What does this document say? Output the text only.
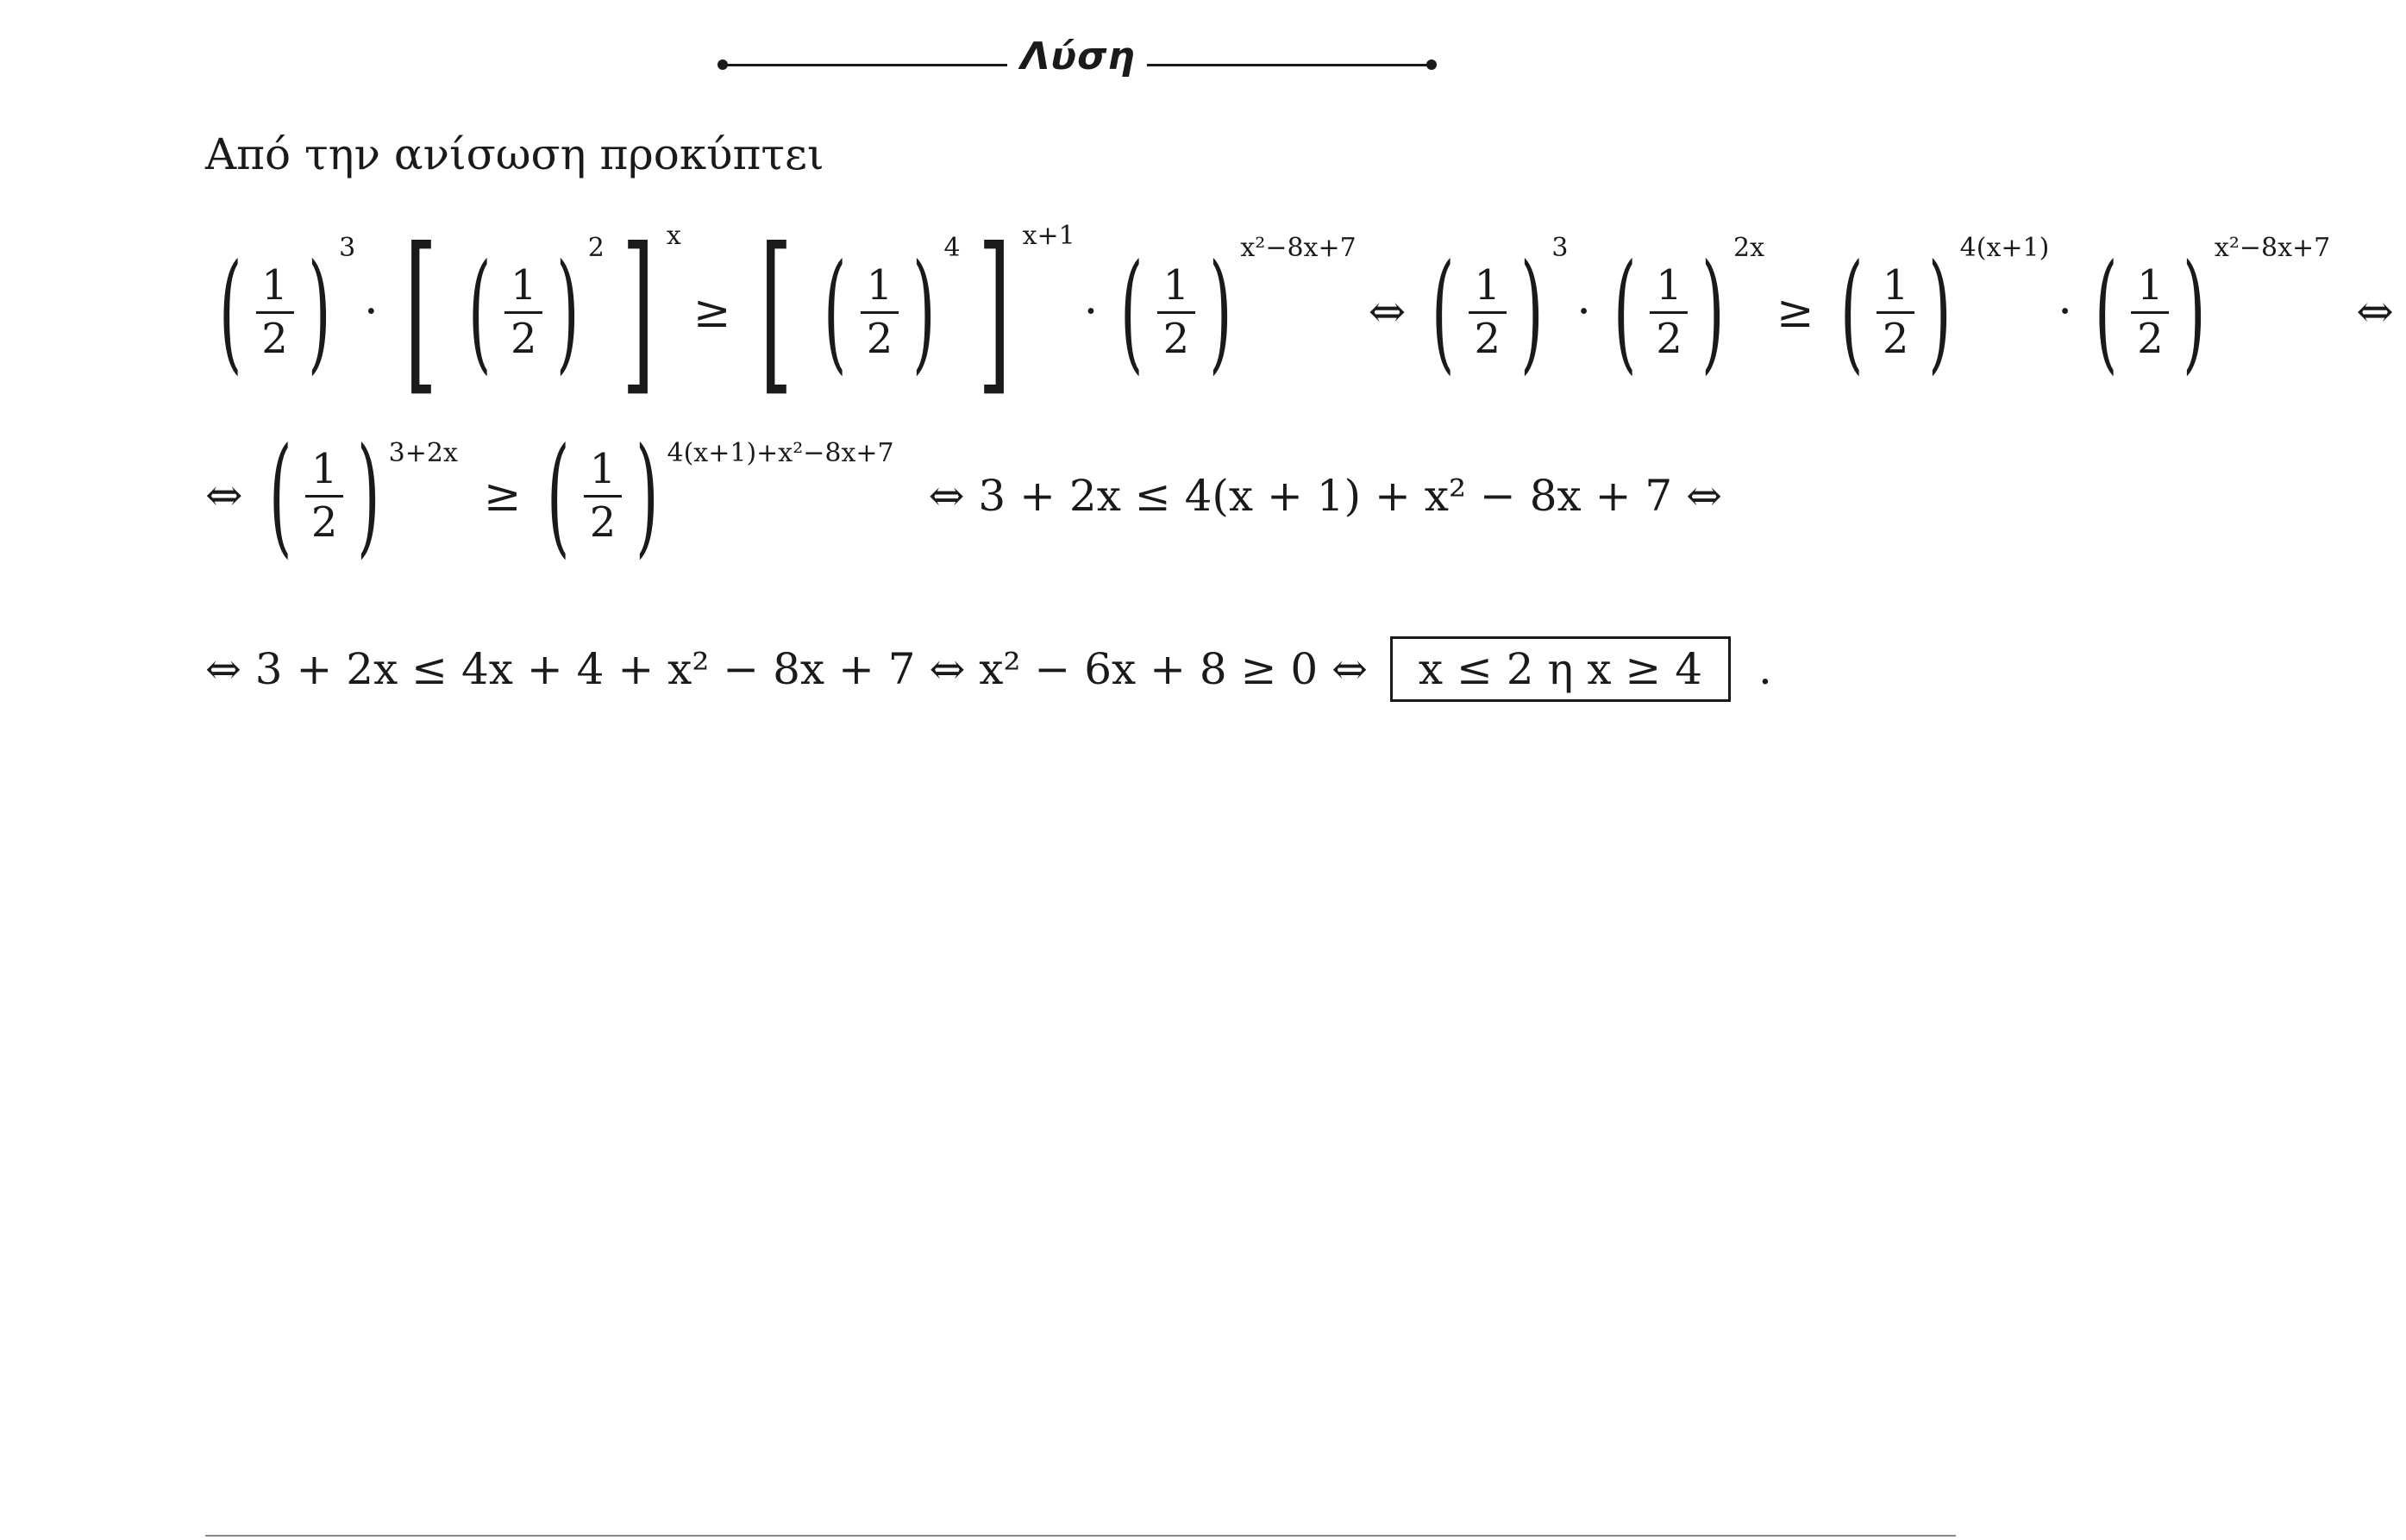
Λύση
Από την ανίσωση προκύπτει
( $\frac{1}{2}$ ) 3
· [ ( $\frac{1}{2}$ ) 2 ] x
≥ [ ( $\frac{1}{2}$ ) 4 ] x+1
· ( $\frac{1}{2}$ ) x²−8x+7
⇔ ( $\frac{1}{2}$ ) 3
· ( $\frac{1}{2}$ ) 2x
≥ ( $\frac{1}{2}$ ) 4(x+1)
· ( $\frac{1}{2}$ ) x²−8x+7
⇔
⇔ ( $\frac{1}{2}$ ) 3+2x
≥ ( $\frac{1}{2}$ ) 4(x+1)+x²−8x+7
⇔ 3 + 2x ≤ 4(x + 1) + x² − 8x + 7 ⇔
⇔ 3 + 2x ≤ 4x + 4 + x² − 8x + 7 ⇔ x² − 6x + 8 ≥ 0 ⇔ x ≤ 2 η x ≥ 4 .
